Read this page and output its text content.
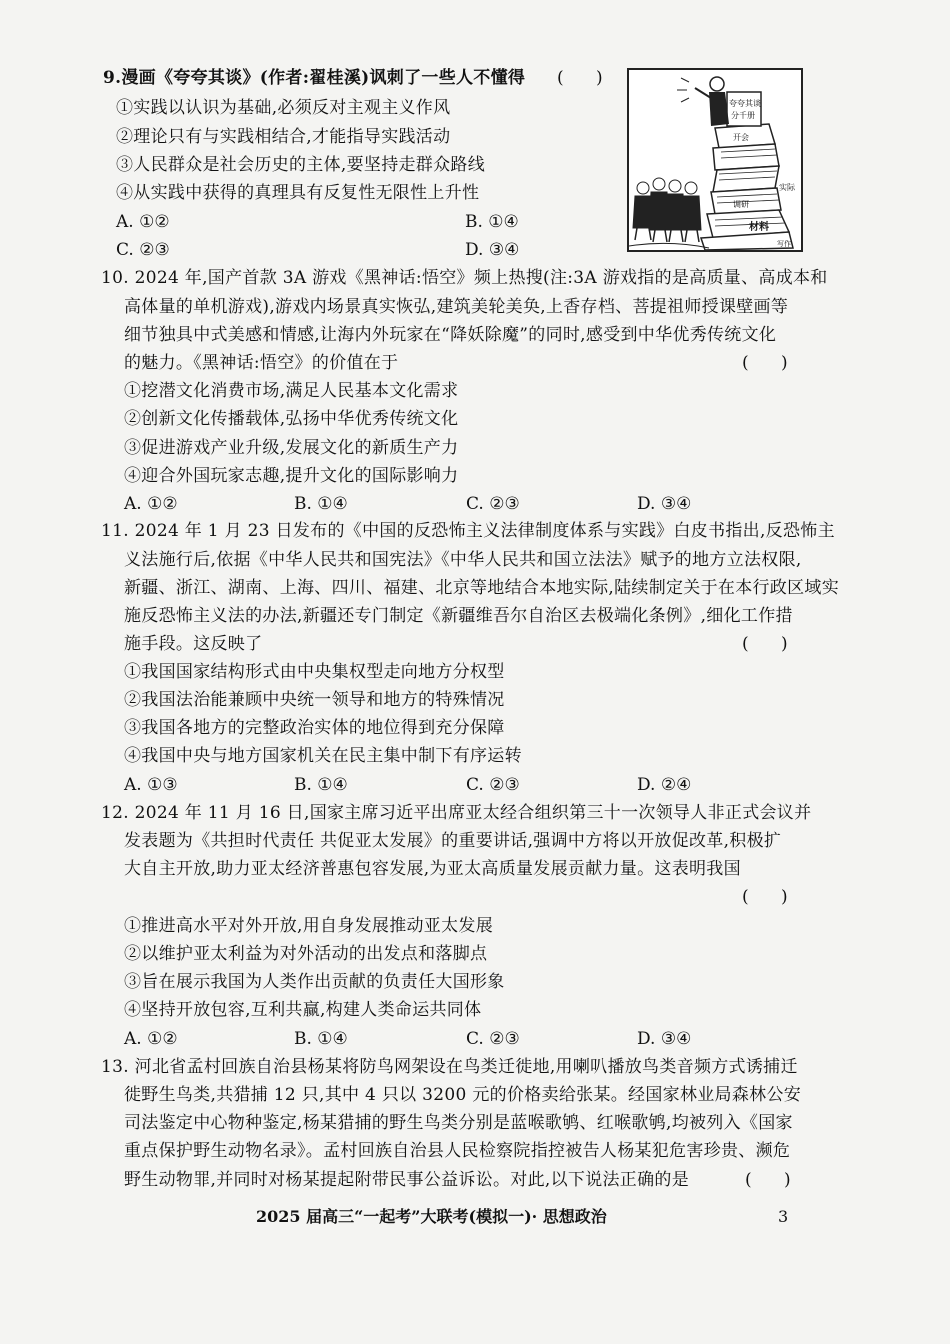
9.漫画《夸夸其谈》(作者:翟桂溪)讽刺了一些人不懂得 (      )
①实践以认识为基础,必须反对主观主义作风
②理论只有与实践相结合,才能指导实践活动
③人民群众是社会历史的主体,要坚持走群众路线
④从实践中获得的真理具有反复性无限性上升性
A. ①②	B. ①④
C. ②③	D. ③④
夸夸其谈
分千册
开会
调研
实际
材料
写作
10. 2024 年,国产首款 3A 游戏《黑神话:悟空》频上热搜(注:3A 游戏指的是高质量、高成本和
高体量的单机游戏),游戏内场景真实恢弘,建筑美轮美奂,上香存档、菩提祖师授课壁画等
细节独具中式美感和情感,让海内外玩家在“降妖除魔”的同时,感受到中华优秀传统文化
的魅力。《黑神话:悟空》的价值在于	(      )
①挖潜文化消费市场,满足人民基本文化需求
②创新文化传播载体,弘扬中华优秀传统文化
③促进游戏产业升级,发展文化的新质生产力
④迎合外国玩家志趣,提升文化的国际影响力
A. ①②	B. ①④	C. ②③	D. ③④
11. 2024 年 1 月 23 日发布的《中国的反恐怖主义法律制度体系与实践》白皮书指出,反恐怖主
义法施行后,依据《中华人民共和国宪法》《中华人民共和国立法法》赋予的地方立法权限,
新疆、浙江、湖南、上海、四川、福建、北京等地结合本地实际,陆续制定关于在本行政区域实
施反恐怖主义法的办法,新疆还专门制定《新疆维吾尔自治区去极端化条例》,细化工作措
施手段。这反映了	(      )
①我国国家结构形式由中央集权型走向地方分权型
②我国法治能兼顾中央统一领导和地方的特殊情况
③我国各地方的完整政治实体的地位得到充分保障
④我国中央与地方国家机关在民主集中制下有序运转
A. ①③	B. ①④	C. ②③	D. ②④
12. 2024 年 11 月 16 日,国家主席习近平出席亚太经合组织第三十一次领导人非正式会议并
发表题为《共担时代责任 共促亚太发展》的重要讲话,强调中方将以开放促改革,积极扩
大自主开放,助力亚太经济普惠包容发展,为亚太高质量发展贡献力量。这表明我国
(      )
①推进高水平对外开放,用自身发展推动亚太发展
②以维护亚太利益为对外活动的出发点和落脚点
③旨在展示我国为人类作出贡献的负责任大国形象
④坚持开放包容,互利共赢,构建人类命运共同体
A. ①②	B. ①④	C. ②③	D. ③④
13. 河北省孟村回族自治县杨某将防鸟网架设在鸟类迁徙地,用喇叭播放鸟类音频方式诱捕迁
徙野生鸟类,共猎捕 12 只,其中 4 只以 3200 元的价格卖给张某。经国家林业局森林公安
司法鉴定中心物种鉴定,杨某猎捕的野生鸟类分别是蓝喉歌鸲、红喉歌鸲,均被列入《国家
重点保护野生动物名录》。孟村回族自治县人民检察院指控被告人杨某犯危害珍贵、濒危
野生动物罪,并同时对杨某提起附带民事公益诉讼。对此,以下说法正确的是	(      )
2025 届高三“一起考”大联考(模拟一)· 思想政治	3
